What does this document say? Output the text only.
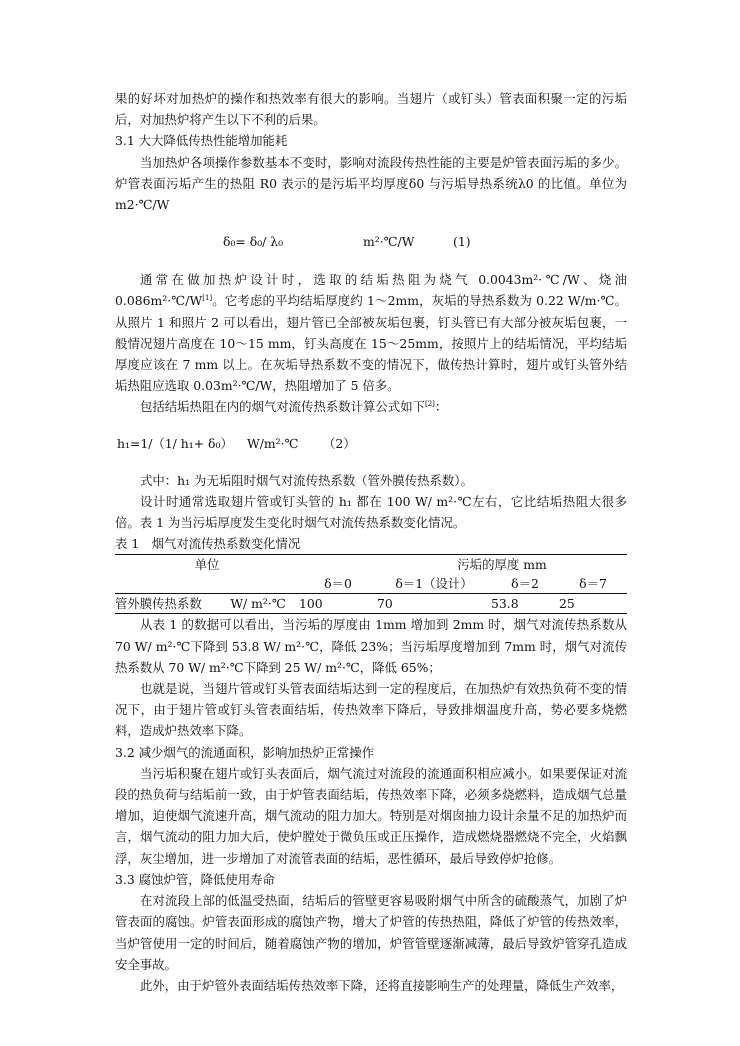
果的好坏对加热炉的操作和热效率有很大的影响。当翅片（或钉头）管表面积聚一定的污垢后，对加热炉将产生以下不利的后果。

3.1 大大降低传热性能增加能耗

当加热炉各项操作参数基本不变时，影响对流段传热性能的主要是炉管表面污垢的多少。炉管表面污垢产生的热阻 R0 表示的是污垢平均厚度δ0 与污垢导热系统λ0 的比值。单位为 m2·℃/W

δ₀= δ₀/ λ₀	m²·℃/W	(1)

通常在做加热炉设计时，选取的结垢热阻为烧气 0.0043m²·℃/W、烧油 0.086m²·℃/W[1]。它考虑的平均结垢厚度约 1～2mm，灰垢的导热系数为 0.22 W/m·℃。从照片 1 和照片 2 可以看出，翅片管已全部被灰垢包裹，钉头管已有大部分被灰垢包裹，一般情况翅片高度在 10～15 mm，钉头高度在 15～25mm，按照片上的结垢情况，平均结垢厚度应该在 7 mm 以上。在灰垢导热系数不变的情况下，做传热计算时，翅片或钉头管外结垢热阻应选取 0.03m²·℃/W，热阻增加了 5 倍多。

包括结垢热阻在内的烟气对流传热系数计算公式如下[2]：

h₁=1/（1/ h₁+ δ₀）	W/m²·℃	（2）

式中：h₁ 为无垢阻时烟气对流传热系数（管外膜传热系数）。

设计时通常选取翅片管或钉头管的 h₁ 都在 100 W/ m²·℃左右，它比结垢热阻大很多倍。表 1 为当污垢厚度发生变化时烟气对流传热系数变化情况。

表 1　烟气对流传热系数变化情况

单位			污垢的厚度 mm		
		δ＝0	δ＝1（设计）	δ＝2	δ＝7
管外膜传热系数	W/ m²·℃	100	70	53.8	25

从表 1 的数据可以看出，当污垢的厚度由 1mm 增加到 2mm 时，烟气对流传热系数从 70 W/ m²·℃下降到 53.8 W/ m²·℃，降低 23%；当污垢厚度增加到 7mm 时，烟气对流传热系数从 70 W/ m²·℃下降到 25 W/ m²·℃，降低 65%；

也就是说，当翅片管或钉头管表面结垢达到一定的程度后，在加热炉有效热负荷不变的情况下，由于翅片管或钉头管表面结垢，传热效率下降后，导致排烟温度升高，势必要多烧燃料，造成炉热效率下降。

3.2 减少烟气的流通面积，影响加热炉正常操作

当污垢积聚在翅片或钉头表面后，烟气流过对流段的流通面积相应减小。如果要保证对流段的热负荷与结垢前一致，由于炉管表面结垢，传热效率下降，必须多烧燃料，造成烟气总量增加，迫使烟气流速升高，烟气流动的阻力加大。特别是对烟囱抽力设计余量不足的加热炉而言，烟气流动的阻力加大后，使炉膛处于微负压或正压操作，造成燃烧器燃烧不完全，火焰飘浮，灰尘增加，进一步增加了对流管表面的结垢，恶性循环，最后导致停炉抢修。

3.3 腐蚀炉管，降低使用寿命

在对流段上部的低温受热面，结垢后的管壁更容易吸附烟气中所含的硫酸蒸气，加剧了炉管表面的腐蚀。炉管表面形成的腐蚀产物，增大了炉管的传热热阻，降低了炉管的传热效率，当炉管使用一定的时间后，随着腐蚀产物的增加，炉管管壁逐渐减薄，最后导致炉管穿孔造成安全事故。

此外，由于炉管外表面结垢传热效率下降，还将直接影响生产的处理量，降低生产效率，
